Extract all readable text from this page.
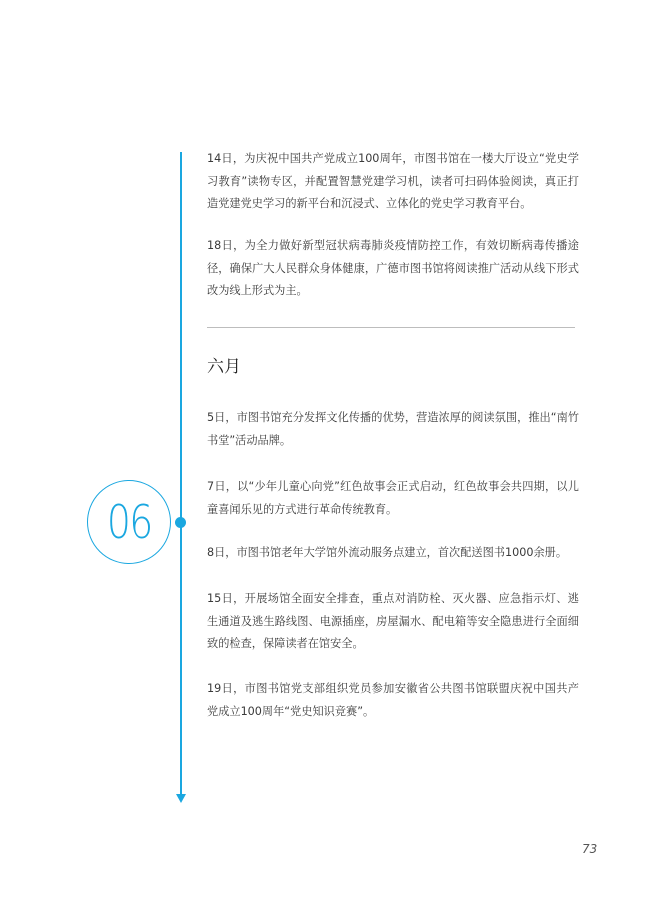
06

14日，为庆祝中国共产党成立100周年，市图书馆在一楼大厅设立“党史学习教育”读物专区，并配置智慧党建学习机，读者可扫码体验阅读，真正打造党建党史学习的新平台和沉浸式、立体化的党史学习教育平台。

18日，为全力做好新型冠状病毒肺炎疫情防控工作，有效切断病毒传播途径，确保广大人民群众身体健康，广德市图书馆将阅读推广活动从线下形式改为线上形式为主。

六月

5日，市图书馆充分发挥文化传播的优势，营造浓厚的阅读氛围，推出“南竹书堂”活动品牌。

7日，以“少年儿童心向党”红色故事会正式启动，红色故事会共四期，以儿童喜闻乐见的方式进行革命传统教育。

8日，市图书馆老年大学馆外流动服务点建立，首次配送图书1000余册。

15日，开展场馆全面安全排查，重点对消防栓、灭火器、应急指示灯、逃生通道及逃生路线图、电源插座，房屋漏水、配电箱等安全隐患进行全面细致的检查，保障读者在馆安全。

19日，市图书馆党支部组织党员参加安徽省公共图书馆联盟庆祝中国共产党成立100周年“党史知识竞赛”。

73
